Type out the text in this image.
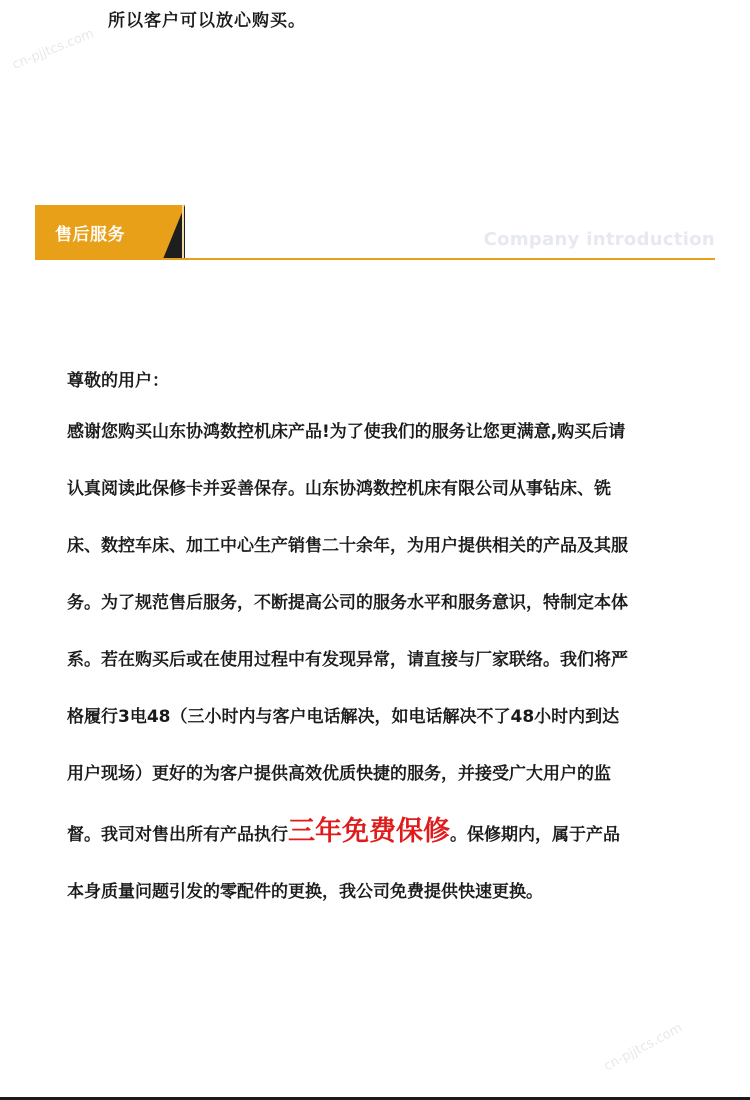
所以客户可以放心购买。
cn-pjjtcs.com
售后服务	Company introduction

尊敬的用户：

感谢您购买山东协鸿数控机床产品!为了使我们的服务让您更满意,购买后请

认真阅读此保修卡并妥善保存。山东协鸿数控机床有限公司从事钻床、铣

床、数控车床、加工中心生产销售二十余年，为用户提供相关的产品及其服

务。为了规范售后服务，不断提高公司的服务水平和服务意识，特制定本体

系。若在购买后或在使用过程中有发现异常，请直接与厂家联络。我们将严

格履行3电48（三小时内与客户电话解决，如电话解决不了48小时内到达

用户现场）更好的为客户提供高效优质快捷的服务，并接受广大用户的监

督。我司对售出所有产品执行三年免费保修。保修期内，属于产品

本身质量问题引发的零配件的更换，我公司免费提供快速更换。

cn-pjjtcs.com
